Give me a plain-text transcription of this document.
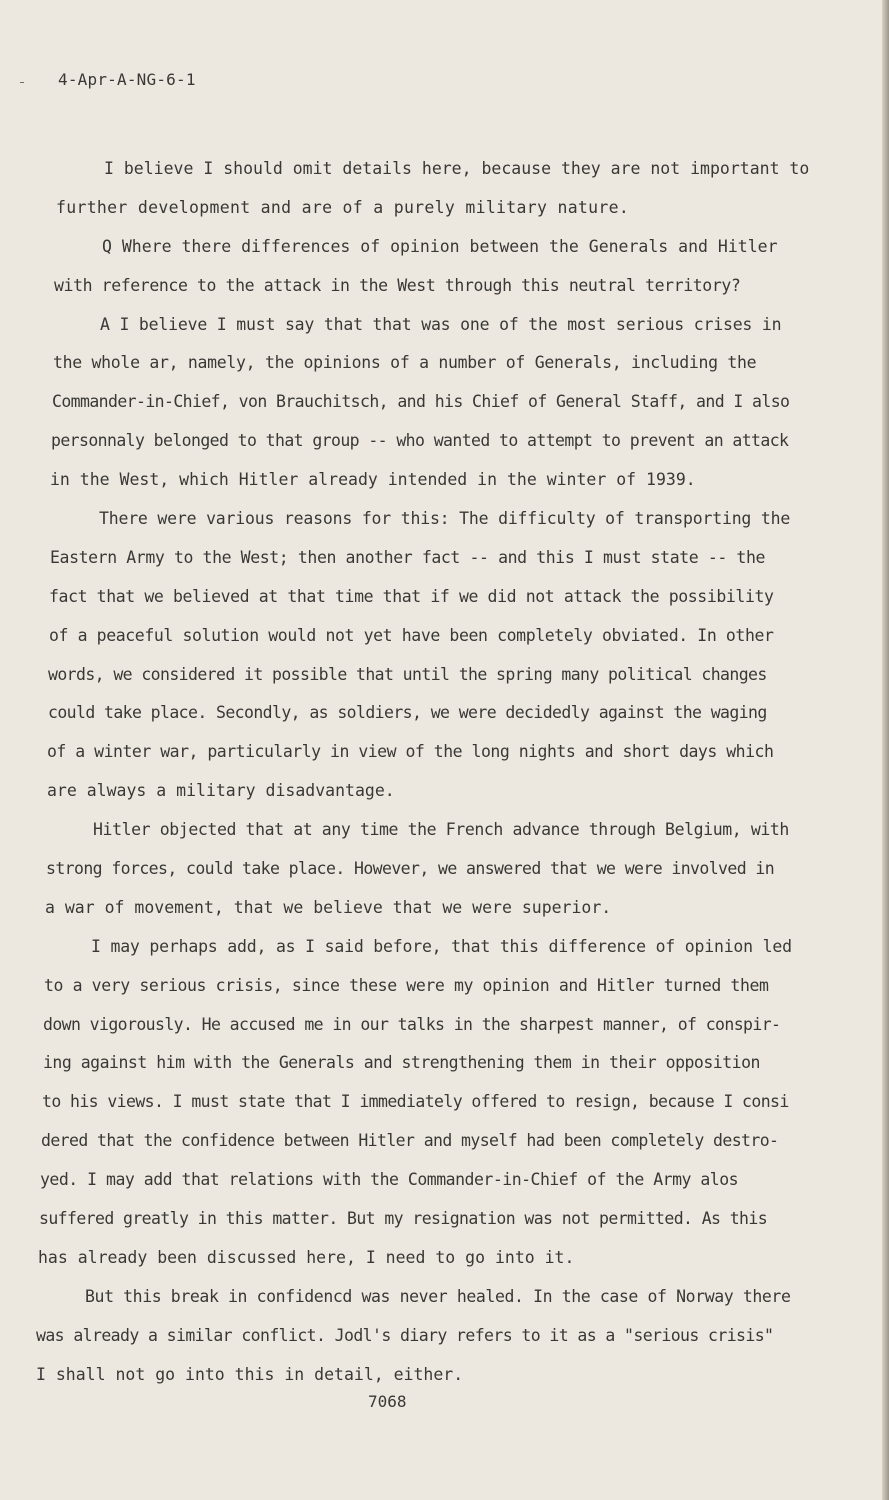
4-Apr-A-NG-6-1
I believe I should omit details here, because they are not important to
further development and are of a purely military nature.
Q Where there differences of opinion between the Generals and Hitler
with reference to the attack in the West through this neutral territory?
A I believe I must say that that was one of the most serious crises in
the whole ar, namely, the opinions of a number of Generals, including the
Commander-in-Chief, von Brauchitsch, and his Chief of General Staff, and I also
personnaly belonged to that group -- who wanted to attempt to prevent an attack
in the West, which Hitler already intended in the winter of 1939.
There were various reasons for this: The difficulty of transporting the
Eastern Army to the West; then another fact -- and this I must state -- the
fact that we believed at that time that if we did not attack the possibility
of a peaceful solution would not yet have been completely obviated. In other
words, we considered it possible that until the spring many political changes
could take place. Secondly, as soldiers, we were decidedly against the waging
of a winter war, particularly in view of the long nights and short days which
are always a military disadvantage.
Hitler objected that at any time the French advance through Belgium, with
strong forces, could take place. However, we answered that we were involved in
a war of movement, that we believe that we were superior.
I may perhaps add, as I said before, that this difference of opinion led
to a very serious crisis, since these were my opinion and Hitler turned them
down vigorously. He accused me in our talks in the sharpest manner, of conspir-
ing against him with the Generals and strengthening them in their opposition
to his views. I must state that I immediately offered to resign, because I consi
dered that the confidence between Hitler and myself had been completely destro-
yed. I may add that relations with the Commander-in-Chief of the Army alos
suffered greatly in this matter. But my resignation was not permitted. As this
has already been discussed here, I need to go into it.
But this break in confidencd was never healed. In the case of Norway there
was already a similar conflict. Jodl's diary refers to it as a "serious crisis"
I shall not go into this in detail, either.
7068
